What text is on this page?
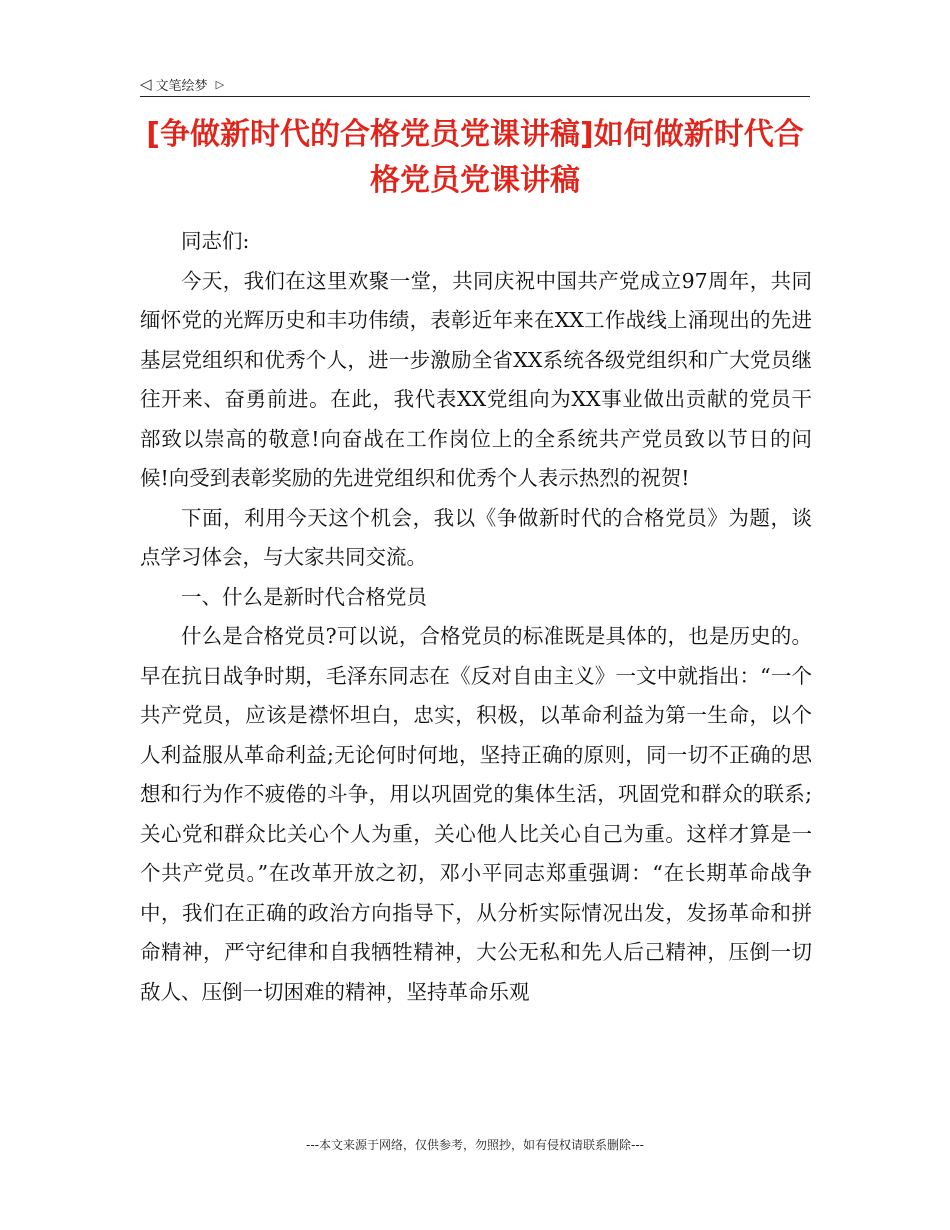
◁ 文笔绘梦 ▷
[争做新时代的合格党员党课讲稿]如何做新时代合格党员党课讲稿

同志们:

今天，我们在这里欢聚一堂，共同庆祝中国共产党成立97周年，共同缅怀党的光辉历史和丰功伟绩，表彰近年来在XX工作战线上涌现出的先进基层党组织和优秀个人，进一步激励全省XX系统各级党组织和广大党员继往开来、奋勇前进。在此，我代表XX党组向为XX事业做出贡献的党员干部致以崇高的敬意!向奋战在工作岗位上的全系统共产党员致以节日的问候!向受到表彰奖励的先进党组织和优秀个人表示热烈的祝贺!

下面，利用今天这个机会，我以《争做新时代的合格党员》为题，谈点学习体会，与大家共同交流。

一、什么是新时代合格党员

什么是合格党员?可以说，合格党员的标准既是具体的，也是历史的。早在抗日战争时期，毛泽东同志在《反对自由主义》一文中就指出：“一个共产党员，应该是襟怀坦白，忠实，积极，以革命利益为第一生命，以个人利益服从革命利益;无论何时何地，坚持正确的原则，同一切不正确的思想和行为作不疲倦的斗争，用以巩固党的集体生活，巩固党和群众的联系;关心党和群众比关心个人为重，关心他人比关心自己为重。这样才算是一个共产党员。”在改革开放之初，邓小平同志郑重强调：“在长期革命战争中，我们在正确的政治方向指导下，从分析实际情况出发，发扬革命和拼命精神，严守纪律和自我牺牲精神，大公无私和先人后己精神，压倒一切敌人、压倒一切困难的精神，坚持革命乐观

---本文来源于网络，仅供参考，勿照抄，如有侵权请联系删除---
